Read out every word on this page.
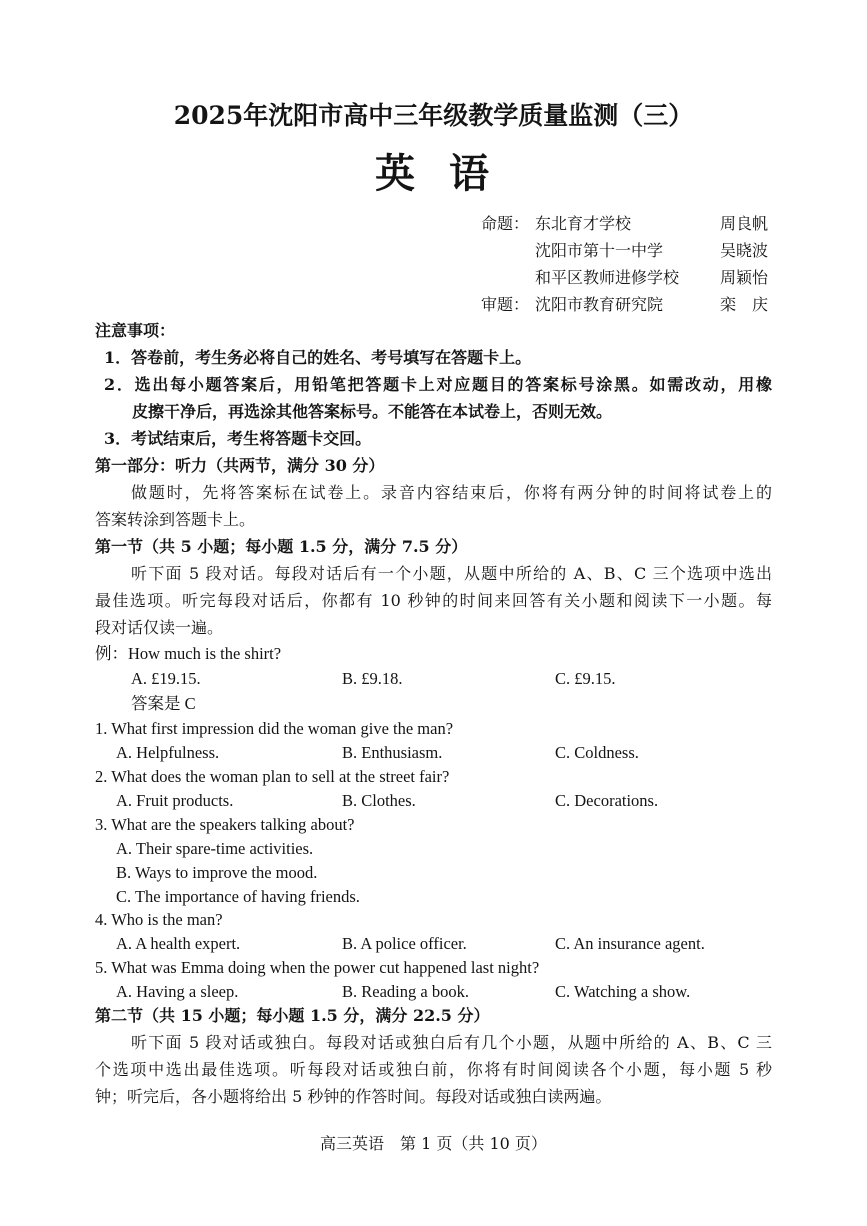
2025年沈阳市高中三年级教学质量监测（三）
英语
命题： 东北育才学校	周良帆
沈阳市第十一中学	吴晓波
和平区教师进修学校	周颖怡
审题： 沈阳市教育研究院	栾　庆
注意事项：
1．答卷前，考生务必将自己的姓名、考号填写在答题卡上。
2．选出每小题答案后，用铅笔把答题卡上对应题目的答案标号涂黑。如需改动，用橡
皮擦干净后，再选涂其他答案标号。不能答在本试卷上，否则无效。
3．考试结束后，考生将答题卡交回。
第一部分：听力（共两节，满分 30 分）
做题时，先将答案标在试卷上。录音内容结束后，你将有两分钟的时间将试卷上的
答案转涂到答题卡上。
第一节（共 5 小题；每小题 1.5 分，满分 7.5 分）
听下面 5 段对话。每段对话后有一个小题，从题中所给的 A、B、C 三个选项中选出
最佳选项。听完每段对话后，你都有 10 秒钟的时间来回答有关小题和阅读下一小题。每
段对话仅读一遍。
例：How much is the shirt?
A. £19.15.	B. £9.18.	C. £9.15.
答案是 C
1. What first impression did the woman give the man?
A. Helpfulness.	B. Enthusiasm.	C. Coldness.
2. What does the woman plan to sell at the street fair?
A. Fruit products.	B. Clothes.	C. Decorations.
3. What are the speakers talking about?
A. Their spare-time activities.
B. Ways to improve the mood.
C. The importance of having friends.
4. Who is the man?
A. A health expert.	B. A police officer.	C. An insurance agent.
5. What was Emma doing when the power cut happened last night?
A. Having a sleep.	B. Reading a book.	C. Watching a show.
第二节（共 15 小题；每小题 1.5 分，满分 22.5 分）
听下面 5 段对话或独白。每段对话或独白后有几个小题，从题中所给的 A、B、C 三
个选项中选出最佳选项。听每段对话或独白前，你将有时间阅读各个小题，每小题 5 秒
钟；听完后，各小题将给出 5 秒钟的作答时间。每段对话或独白读两遍。
高三英语　第 1 页（共 10 页）
